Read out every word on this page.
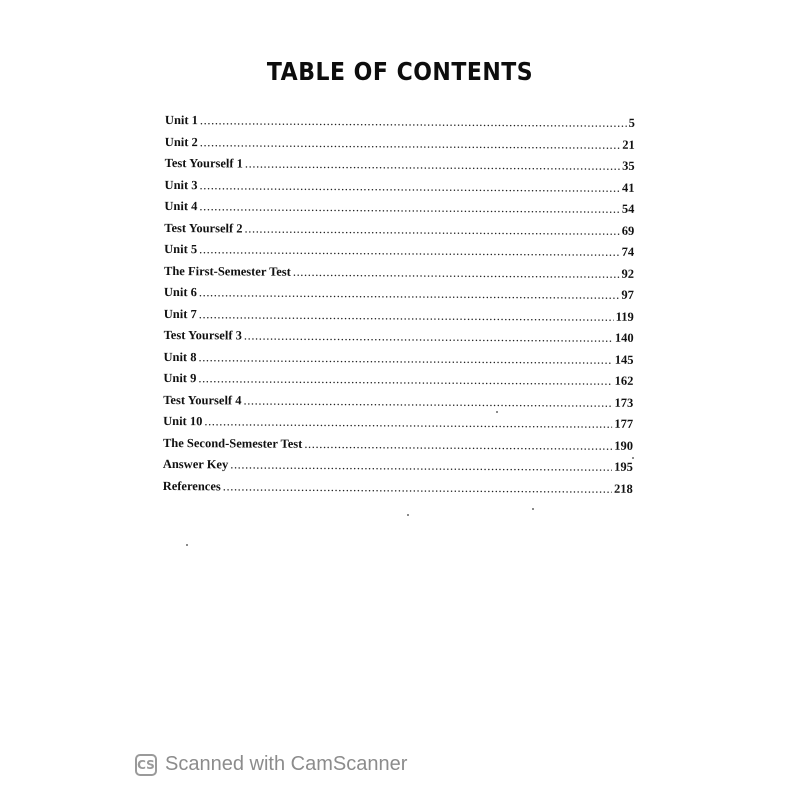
TABLE OF CONTENTS
Unit 1 .....	5
Unit 2 .....	21
Test Yourself 1 .....	35
Unit 3 .....	41
Unit 4 .....	54
Test Yourself 2 .....	69
Unit 5 .....	74
The First-Semester Test .....	92
Unit 6 .....	97
Unit 7 .....	119
Test Yourself 3 .....	140
Unit 8 .....	145
Unit 9 .....	162
Test Yourself 4 .....	173
Unit 10 .....	177
The Second-Semester Test .....	190
Answer Key .....	195
References .....	218
CS Scanned with CamScanner
